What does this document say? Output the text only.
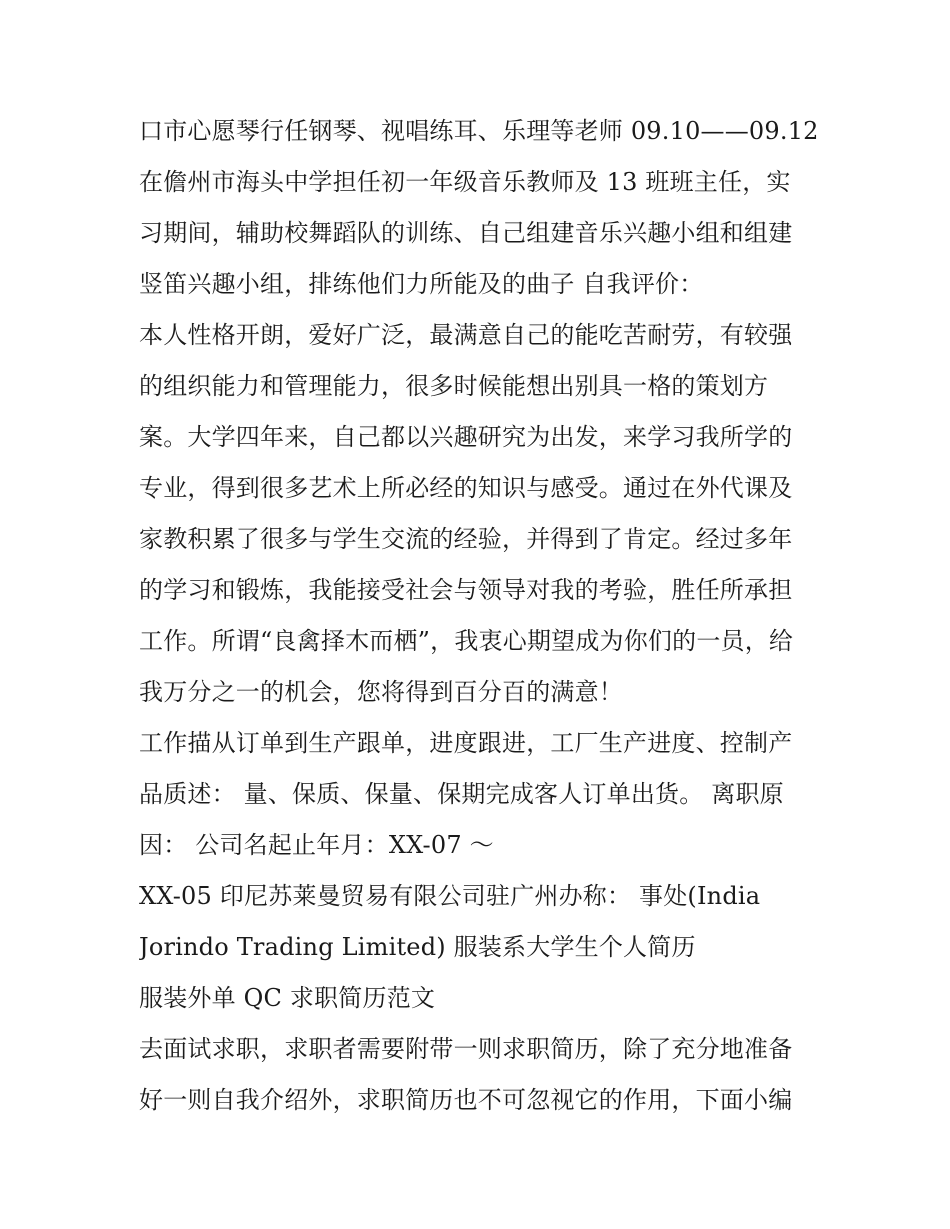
口市心愿琴行任钢琴、视唱练耳、乐理等老师 09.10——09.12
在儋州市海头中学担任初一年级音乐教师及 13 班班主任，实
习期间，辅助校舞蹈队的训练、自己组建音乐兴趣小组和组建
竖笛兴趣小组，排练他们力所能及的曲子 自我评价：
本人性格开朗，爱好广泛，最满意自己的能吃苦耐劳，有较强
的组织能力和管理能力，很多时候能想出别具一格的策划方
案。大学四年来，自己都以兴趣研究为出发，来学习我所学的
专业，得到很多艺术上所必经的知识与感受。通过在外代课及
家教积累了很多与学生交流的经验，并得到了肯定。经过多年
的学习和锻炼，我能接受社会与领导对我的考验，胜任所承担
工作。所谓“良禽择木而栖”，我衷心期望成为你们的一员，给
我万分之一的机会，您将得到百分百的满意！
工作描从订单到生产跟单，进度跟进，工厂生产进度、控制产
品质述： 量、保质、保量、保期完成客人订单出货。 离职原
因： 公司名起止年月：XX-07 ～
XX-05 印尼苏莱曼贸易有限公司驻广州办称： 事处(India
Jorindo Trading Limited) 服装系大学生个人简历
服装外单 QC 求职简历范文
去面试求职，求职者需要附带一则求职简历，除了充分地准备
好一则自我介绍外，求职简历也不可忽视它的作用，下面小编
